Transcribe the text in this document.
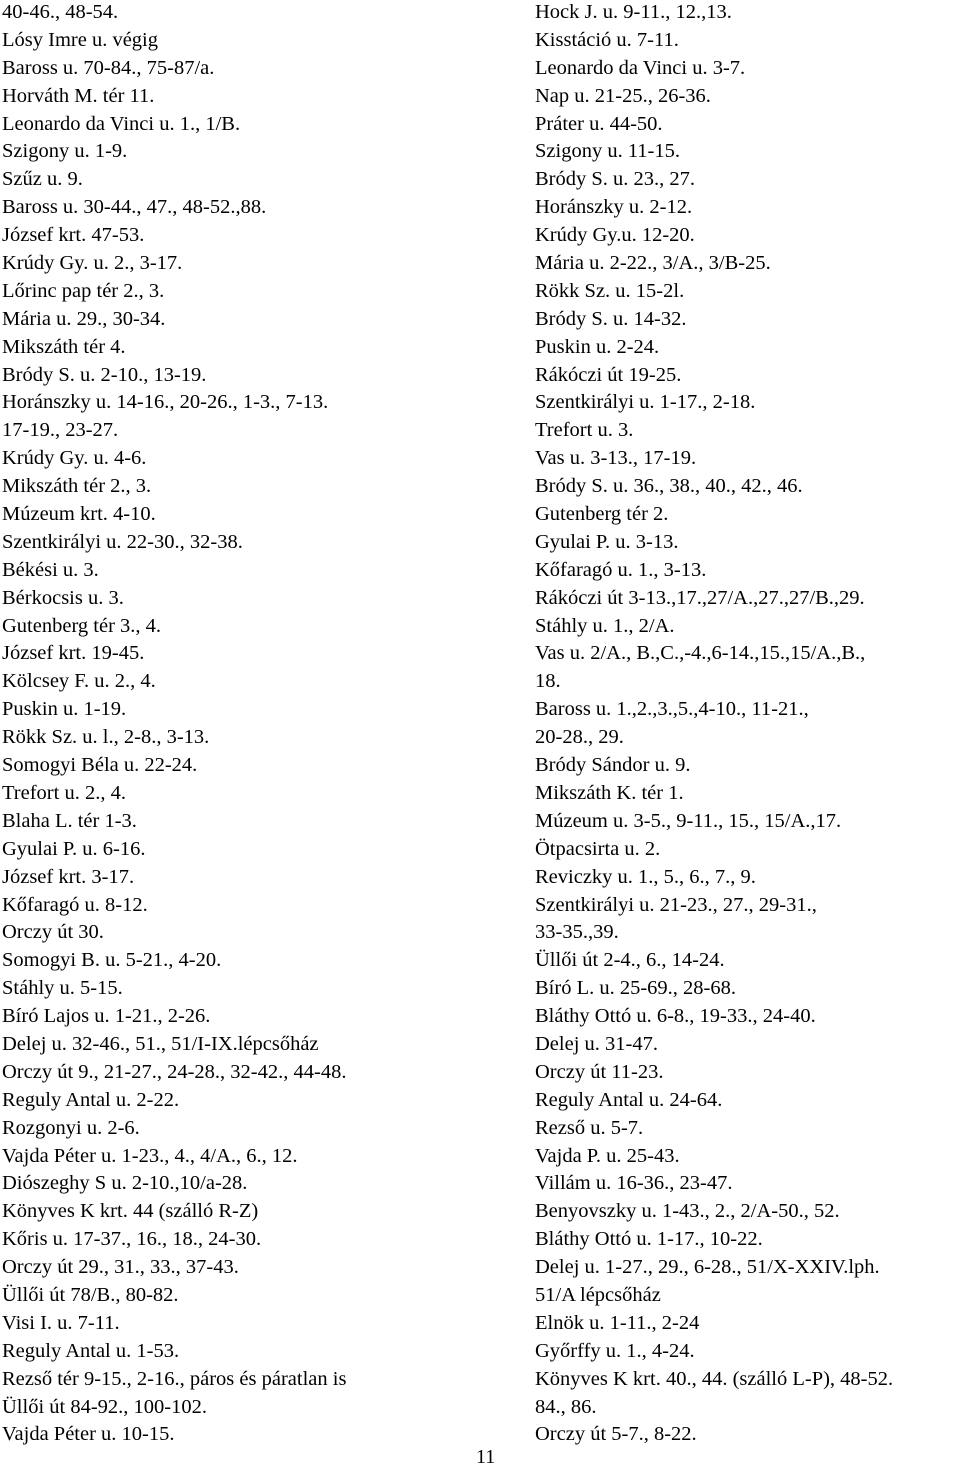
40-46., 48-54.
Lósy Imre u. végig
Baross u. 70-84., 75-87/a.
Horváth M. tér 11.
Leonardo da Vinci u. 1., 1/B.
Szigony u. 1-9.
Szűz u. 9.
Baross u. 30-44., 47., 48-52.,88.
József krt. 47-53.
Krúdy Gy. u. 2., 3-17.
Lőrinc pap tér 2., 3.
Mária u. 29., 30-34.
Mikszáth tér 4.
Bródy S. u. 2-10., 13-19.
Horánszky u. 14-16., 20-26., 1-3., 7-13.
17-19., 23-27.
Krúdy Gy. u. 4-6.
Mikszáth tér 2., 3.
Múzeum krt. 4-10.
Szentkirályi u. 22-30., 32-38.
Békési u. 3.
Bérkocsis u. 3.
Gutenberg tér 3., 4.
József krt. 19-45.
Kölcsey F. u. 2., 4.
Puskin u. 1-19.
Rökk Sz. u. l., 2-8., 3-13.
Somogyi Béla u. 22-24.
Trefort u. 2., 4.
Blaha L. tér 1-3.
Gyulai P. u. 6-16.
József krt. 3-17.
Kőfaragó u. 8-12.
Orczy út 30.
Somogyi B. u. 5-21., 4-20.
Stáhly u. 5-15.
Bíró Lajos u. 1-21., 2-26.
Delej u. 32-46., 51., 51/I-IX.lépcsőház
Orczy út 9., 21-27., 24-28., 32-42., 44-48.
Reguly Antal u. 2-22.
Rozgonyi u. 2-6.
Vajda Péter u. 1-23., 4., 4/A., 6., 12.
Diószeghy S u. 2-10.,10/a-28.
Könyves K krt. 44 (szálló R-Z)
Kőris u. 17-37., 16., 18., 24-30.
Orczy út 29., 31., 33., 37-43.
Üllői út 78/B., 80-82.
Visi I. u. 7-11.
Reguly Antal u. 1-53.
Rezső tér 9-15., 2-16., páros és páratlan is
Üllői út 84-92., 100-102.
Vajda Péter u. 10-15.
Hock J. u. 9-11., 12.,13.
Kisstáció u. 7-11.
Leonardo da Vinci u. 3-7.
Nap u. 21-25., 26-36.
Práter u. 44-50.
Szigony u. 11-15.
Bródy S. u. 23., 27.
Horánszky u. 2-12.
Krúdy Gy.u. 12-20.
Mária u. 2-22., 3/A., 3/B-25.
Rökk Sz. u. 15-2l.
Bródy S. u. 14-32.
Puskin u. 2-24.
Rákóczi út 19-25.
Szentkirályi u. 1-17., 2-18.
Trefort u. 3.
Vas u. 3-13., 17-19.
Bródy S. u. 36., 38., 40., 42., 46.
Gutenberg tér 2.
Gyulai P. u. 3-13.
Kőfaragó u. 1., 3-13.
Rákóczi út 3-13.,17.,27/A.,27.,27/B.,29.
Stáhly u. 1., 2/A.
Vas u. 2/A., B.,C.,-4.,6-14.,15.,15/A.,B.,
18.
Baross u. 1.,2.,3.,5.,4-10., 11-21.,
20-28., 29.
Bródy Sándor u. 9.
Mikszáth K. tér 1.
Múzeum u. 3-5., 9-11., 15., 15/A.,17.
Ötpacsirta u. 2.
Reviczky u. 1., 5., 6., 7., 9.
Szentkirályi u. 21-23., 27., 29-31.,
33-35.,39.
Üllői út 2-4., 6., 14-24.
Bíró L. u. 25-69., 28-68.
Bláthy Ottó u. 6-8., 19-33., 24-40.
Delej u. 31-47.
Orczy út 11-23.
Reguly Antal u. 24-64.
Rezső u. 5-7.
Vajda P. u. 25-43.
Villám u. 16-36., 23-47.
Benyovszky u. 1-43., 2., 2/A-50., 52.
Bláthy Ottó u. 1-17., 10-22.
Delej u. 1-27., 29., 6-28., 51/X-XXIV.lph.
51/A lépcsőház
Elnök u. 1-11., 2-24
Győrffy u. 1., 4-24.
Könyves K krt. 40., 44. (szálló L-P), 48-52.
84., 86.
Orczy út 5-7., 8-22.
11
